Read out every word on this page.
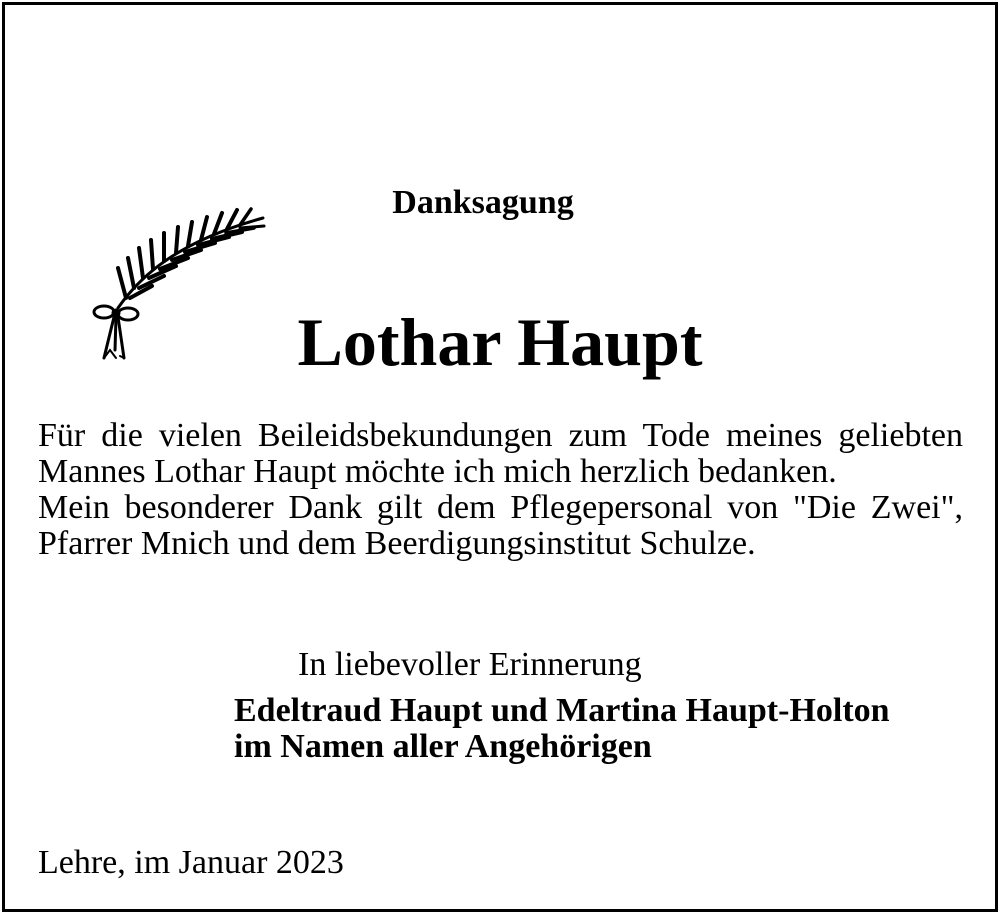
Danksagung
Lothar Haupt

Für die vielen Beileidsbekundungen zum Tode meines geliebten Mannes Lothar Haupt möchte ich mich herzlich bedanken.

Mein besonderer Dank gilt dem Pflegepersonal von "Die Zwei", Pfarrer Mnich und dem Beerdigungsinstitut Schulze.

In liebevoller Erinnerung
Edeltraud Haupt und Martina Haupt-Holton
im Namen aller Angehörigen
Lehre, im Januar 2023
